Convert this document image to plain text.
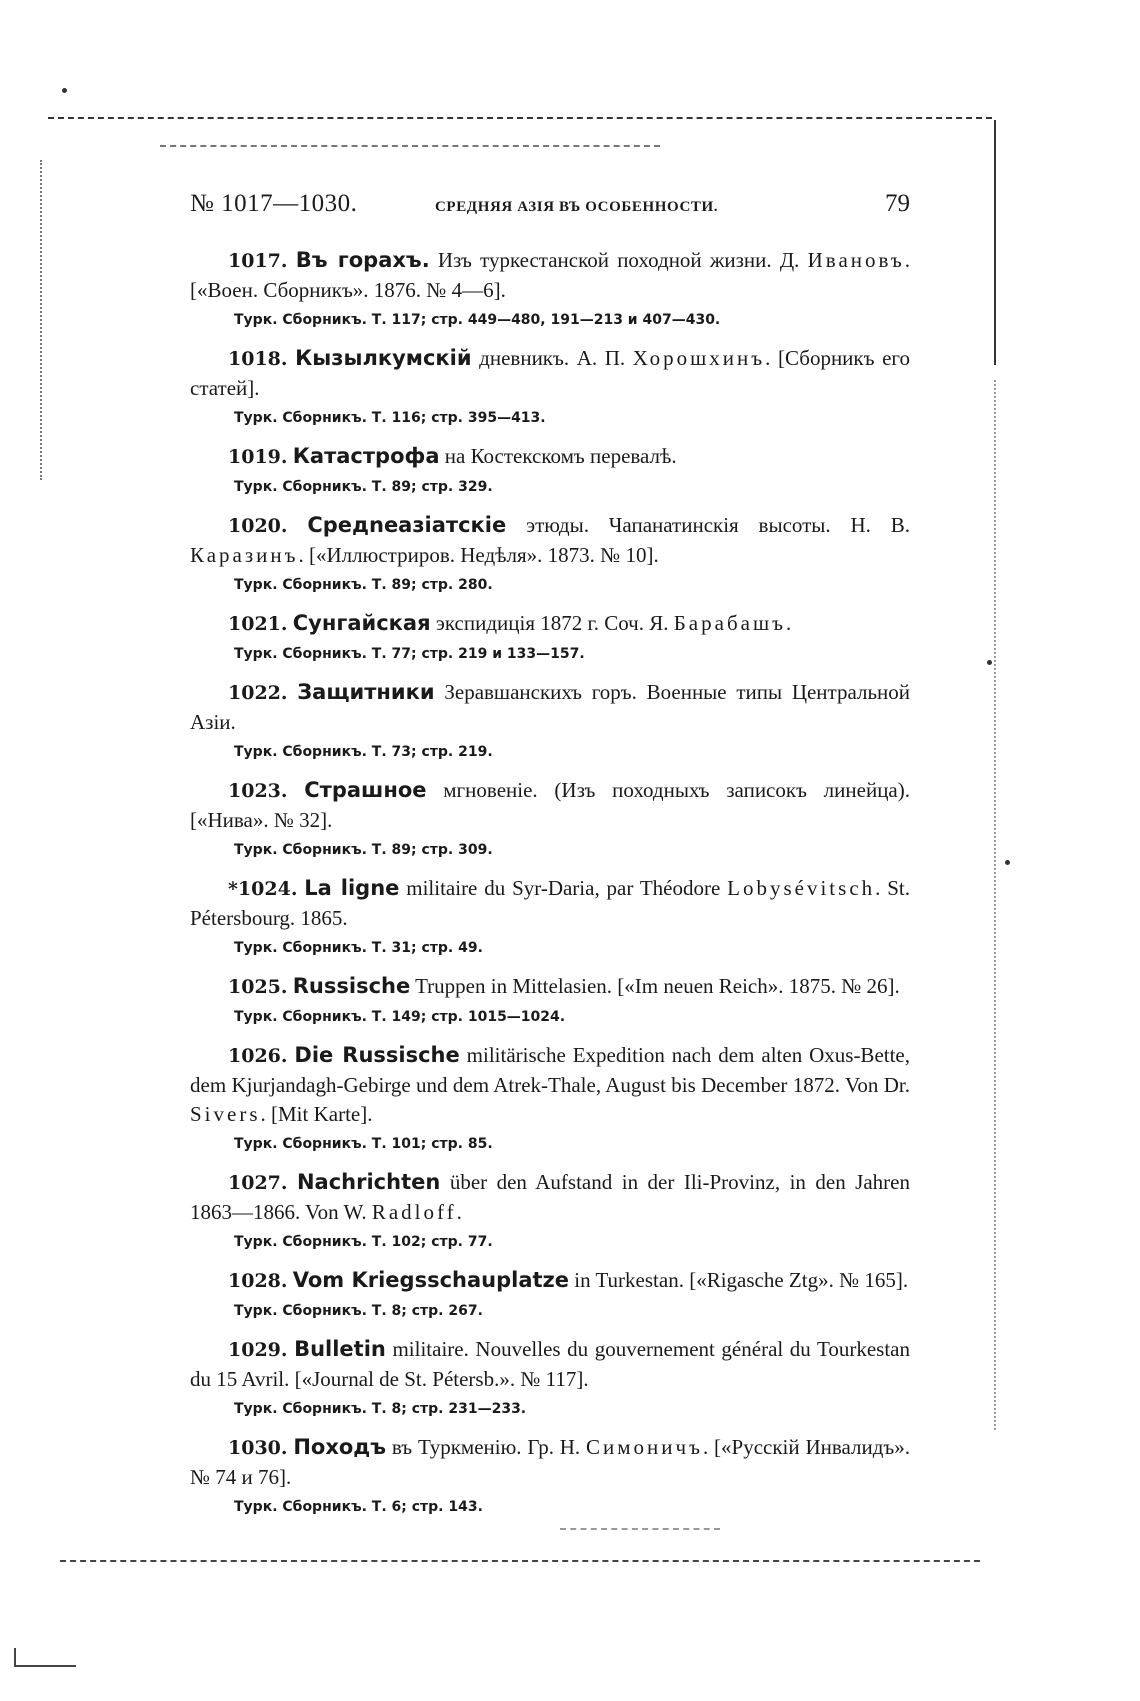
№ 1017—1030.	СРЕДНЯЯ АЗІЯ ВЪ ОСОБЕННОСТИ.	79
1017. Въ горахъ. Изъ туркестанской походной жизни. Д. Ивановъ. [«Воен. Сборникъ». 1876. № 4—6].
Турк. Сборникъ. Т. 117; стр. 449—480, 191—213 и 407—430.
1018. Кызылкумскій дневникъ. А. П. Хорошхинъ. [Сборникъ его статей].
Турк. Сборникъ. Т. 116; стр. 395—413.
1019. Катастрофа на Костекскомъ перевалѣ.
Турк. Сборникъ. Т. 89; стр. 329.
1020. Средneазіатскіе этюды. Чапанатинскія высоты. Н. В. Каразинъ. [«Иллюстриров. Недѣля». 1873. № 10].
Турк. Сборникъ. Т. 89; стр. 280.
1021. Сунгайская экспидиція 1872 г. Соч. Я. Барабашъ.
Турк. Сборникъ. Т. 77; стр. 219 и 133—157.
1022. Защитники Зеравшанскихъ горъ. Военные типы Центральной Азіи.
Турк. Сборникъ. Т. 73; стр. 219.
1023. Страшное мгновеніе. (Изъ походныхъ записокъ линейца). [«Нива». № 32].
Турк. Сборникъ. Т. 89; стр. 309.
*1024. La ligne militaire du Syr-Daria, par Théodore Lobysévitsch. St. Pétersbourg. 1865.
Турк. Сборникъ. Т. 31; стр. 49.
1025. Russische Truppen in Mittelasien. [«Im neuen Reich». 1875. № 26].
Турк. Сборникъ. Т. 149; стр. 1015—1024.
1026. Die Russische militärische Expedition nach dem alten Oxus-Bette, dem Kjurjandagh-Gebirge und dem Atrek-Thale, August bis December 1872. Von Dr. Sivers. [Mit Karte].
Турк. Сборникъ. Т. 101; стр. 85.
1027. Nachrichten über den Aufstand in der Ili-Provinz, in den Jahren 1863—1866. Von W. Radloff.
Турк. Сборникъ. Т. 102; стр. 77.
1028. Vom Kriegsschauplatze in Turkestan. [«Rigasche Ztg». № 165].
Турк. Сборникъ. Т. 8; стр. 267.
1029. Bulletin militaire. Nouvelles du gouvernement général du Tourkestan du 15 Avril. [«Journal de St. Pétersb.». № 117].
Турк. Сборникъ. Т. 8; стр. 231—233.
1030. Походъ въ Туркменію. Гр. Н. Симоничъ. [«Русскій Инвалидъ». № 74 и 76].
Турк. Сборникъ. Т. 6; стр. 143.
